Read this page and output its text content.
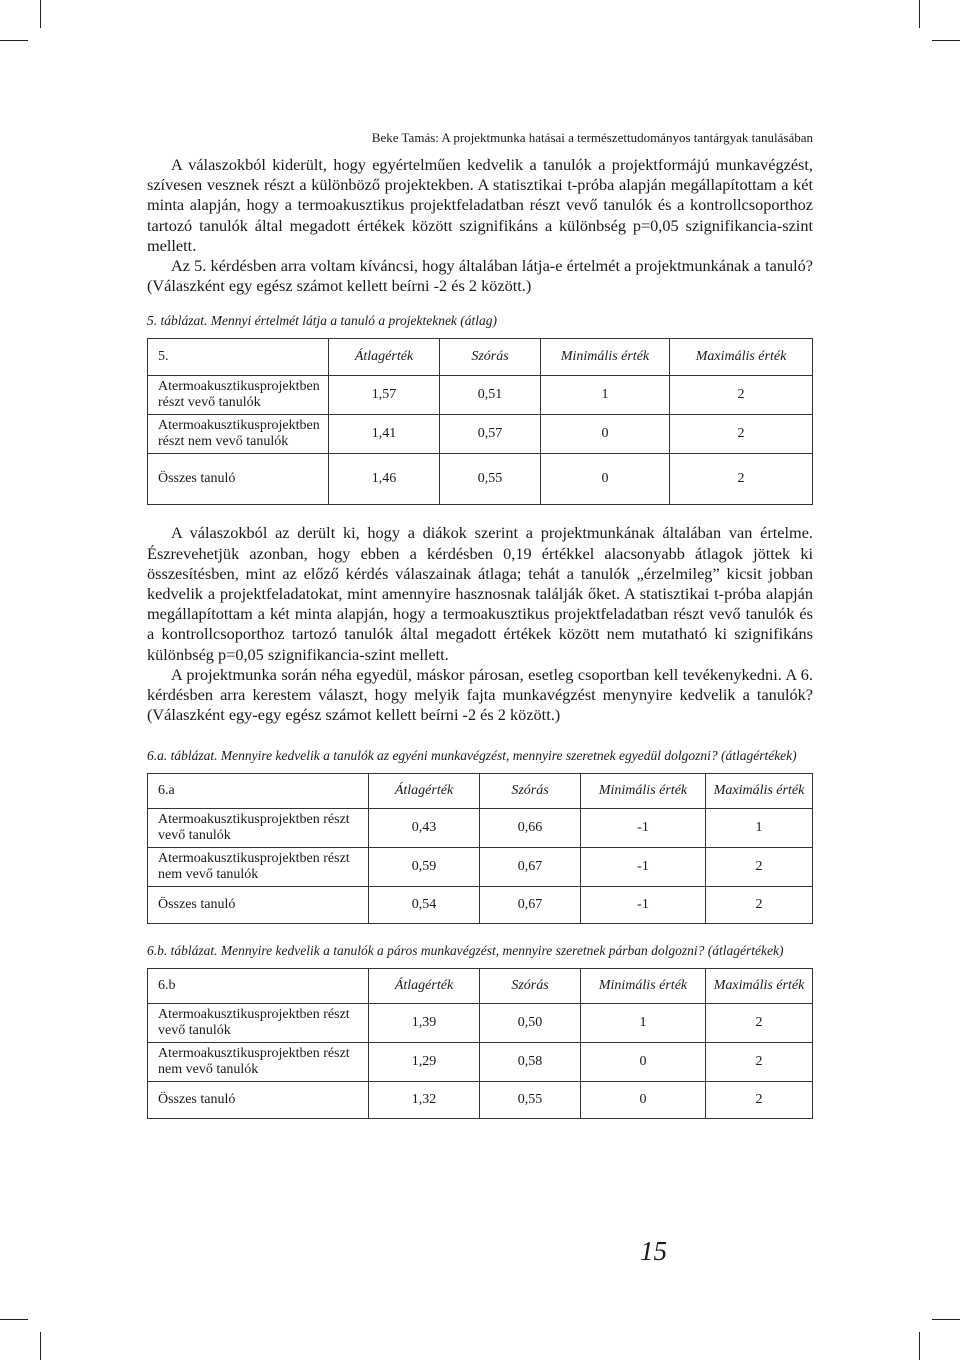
Beke Tamás: A projektmunka hatásai a természettudományos tantárgyak tanulásában

A válaszokból kiderült, hogy egyértelműen kedvelik a tanulók a projektformájú munkavégzést, szívesen vesznek részt a különböző projektekben. A statisztikai t-próba alapján megállapítottam a két minta alapján, hogy a termoakusztikus projektfeladatban részt vevő tanulók és a kontrollcsoporthoz tartozó tanulók által megadott értékek között szignifikáns a különbség p=0,05 szignifikancia-szint mellett.

Az 5. kérdésben arra voltam kíváncsi, hogy általában látja-e értelmét a projektmunkának a tanuló? (Válaszként egy egész számot kellett beírni -2 és 2 között.)

5. táblázat. Mennyi értelmét látja a tanuló a projekteknek (átlag)
5.	Átlagérték	Szórás	Minimális érték	Maximális érték
Atermoakusztikusprojektben részt vevő tanulók	1,57	0,51	1	2
Atermoakusztikusprojektben részt nem vevő tanulók	1,41	0,57	0	2
Összes tanuló	1,46	0,55	0	2

A válaszokból az derült ki, hogy a diákok szerint a projektmunkának általában van értelme. Észrevehetjük azonban, hogy ebben a kérdésben 0,19 értékkel alacsonyabb átlagok jöttek ki összesítésben, mint az előző kérdés válaszainak átlaga; tehát a tanulók „érzelmileg” kicsit jobban kedvelik a projektfeladatokat, mint amennyire hasznosnak találják őket. A statisztikai t-próba alapján megállapítottam a két minta alapján, hogy a termoakusztikus projektfeladatban részt vevő tanulók és a kontrollcsoporthoz tartozó tanulók által megadott értékek között nem mutatható ki szignifikáns különbség p=0,05 szignifikancia-szint mellett.

A projektmunka során néha egyedül, máskor párosan, esetleg csoportban kell tevékenykedni. A 6. kérdésben arra kerestem választ, hogy melyik fajta munkavégzést menynyire kedvelik a tanulók? (Válaszként egy-egy egész számot kellett beírni -2 és 2 között.)

6.a. táblázat. Mennyire kedvelik a tanulók az egyéni munkavégzést, mennyire szeretnek egyedül dolgozni? (átlagértékek)
6.a	Átlagérték	Szórás	Minimális érték	Maximális érték
Atermoakusztikusprojektben részt vevő tanulók	0,43	0,66	-1	1
Atermoakusztikusprojektben részt nem vevő tanulók	0,59	0,67	-1	2
Összes tanuló	0,54	0,67	-1	2
6.b. táblázat. Mennyire kedvelik a tanulók a páros munkavégzést, mennyire szeretnek párban dolgozni? (átlagértékek)
6.b	Átlagérték	Szórás	Minimális érték	Maximális érték
Atermoakusztikusprojektben részt vevő tanulók	1,39	0,50	1	2
Atermoakusztikusprojektben részt nem vevő tanulók	1,29	0,58	0	2
Összes tanuló	1,32	0,55	0	2
15
